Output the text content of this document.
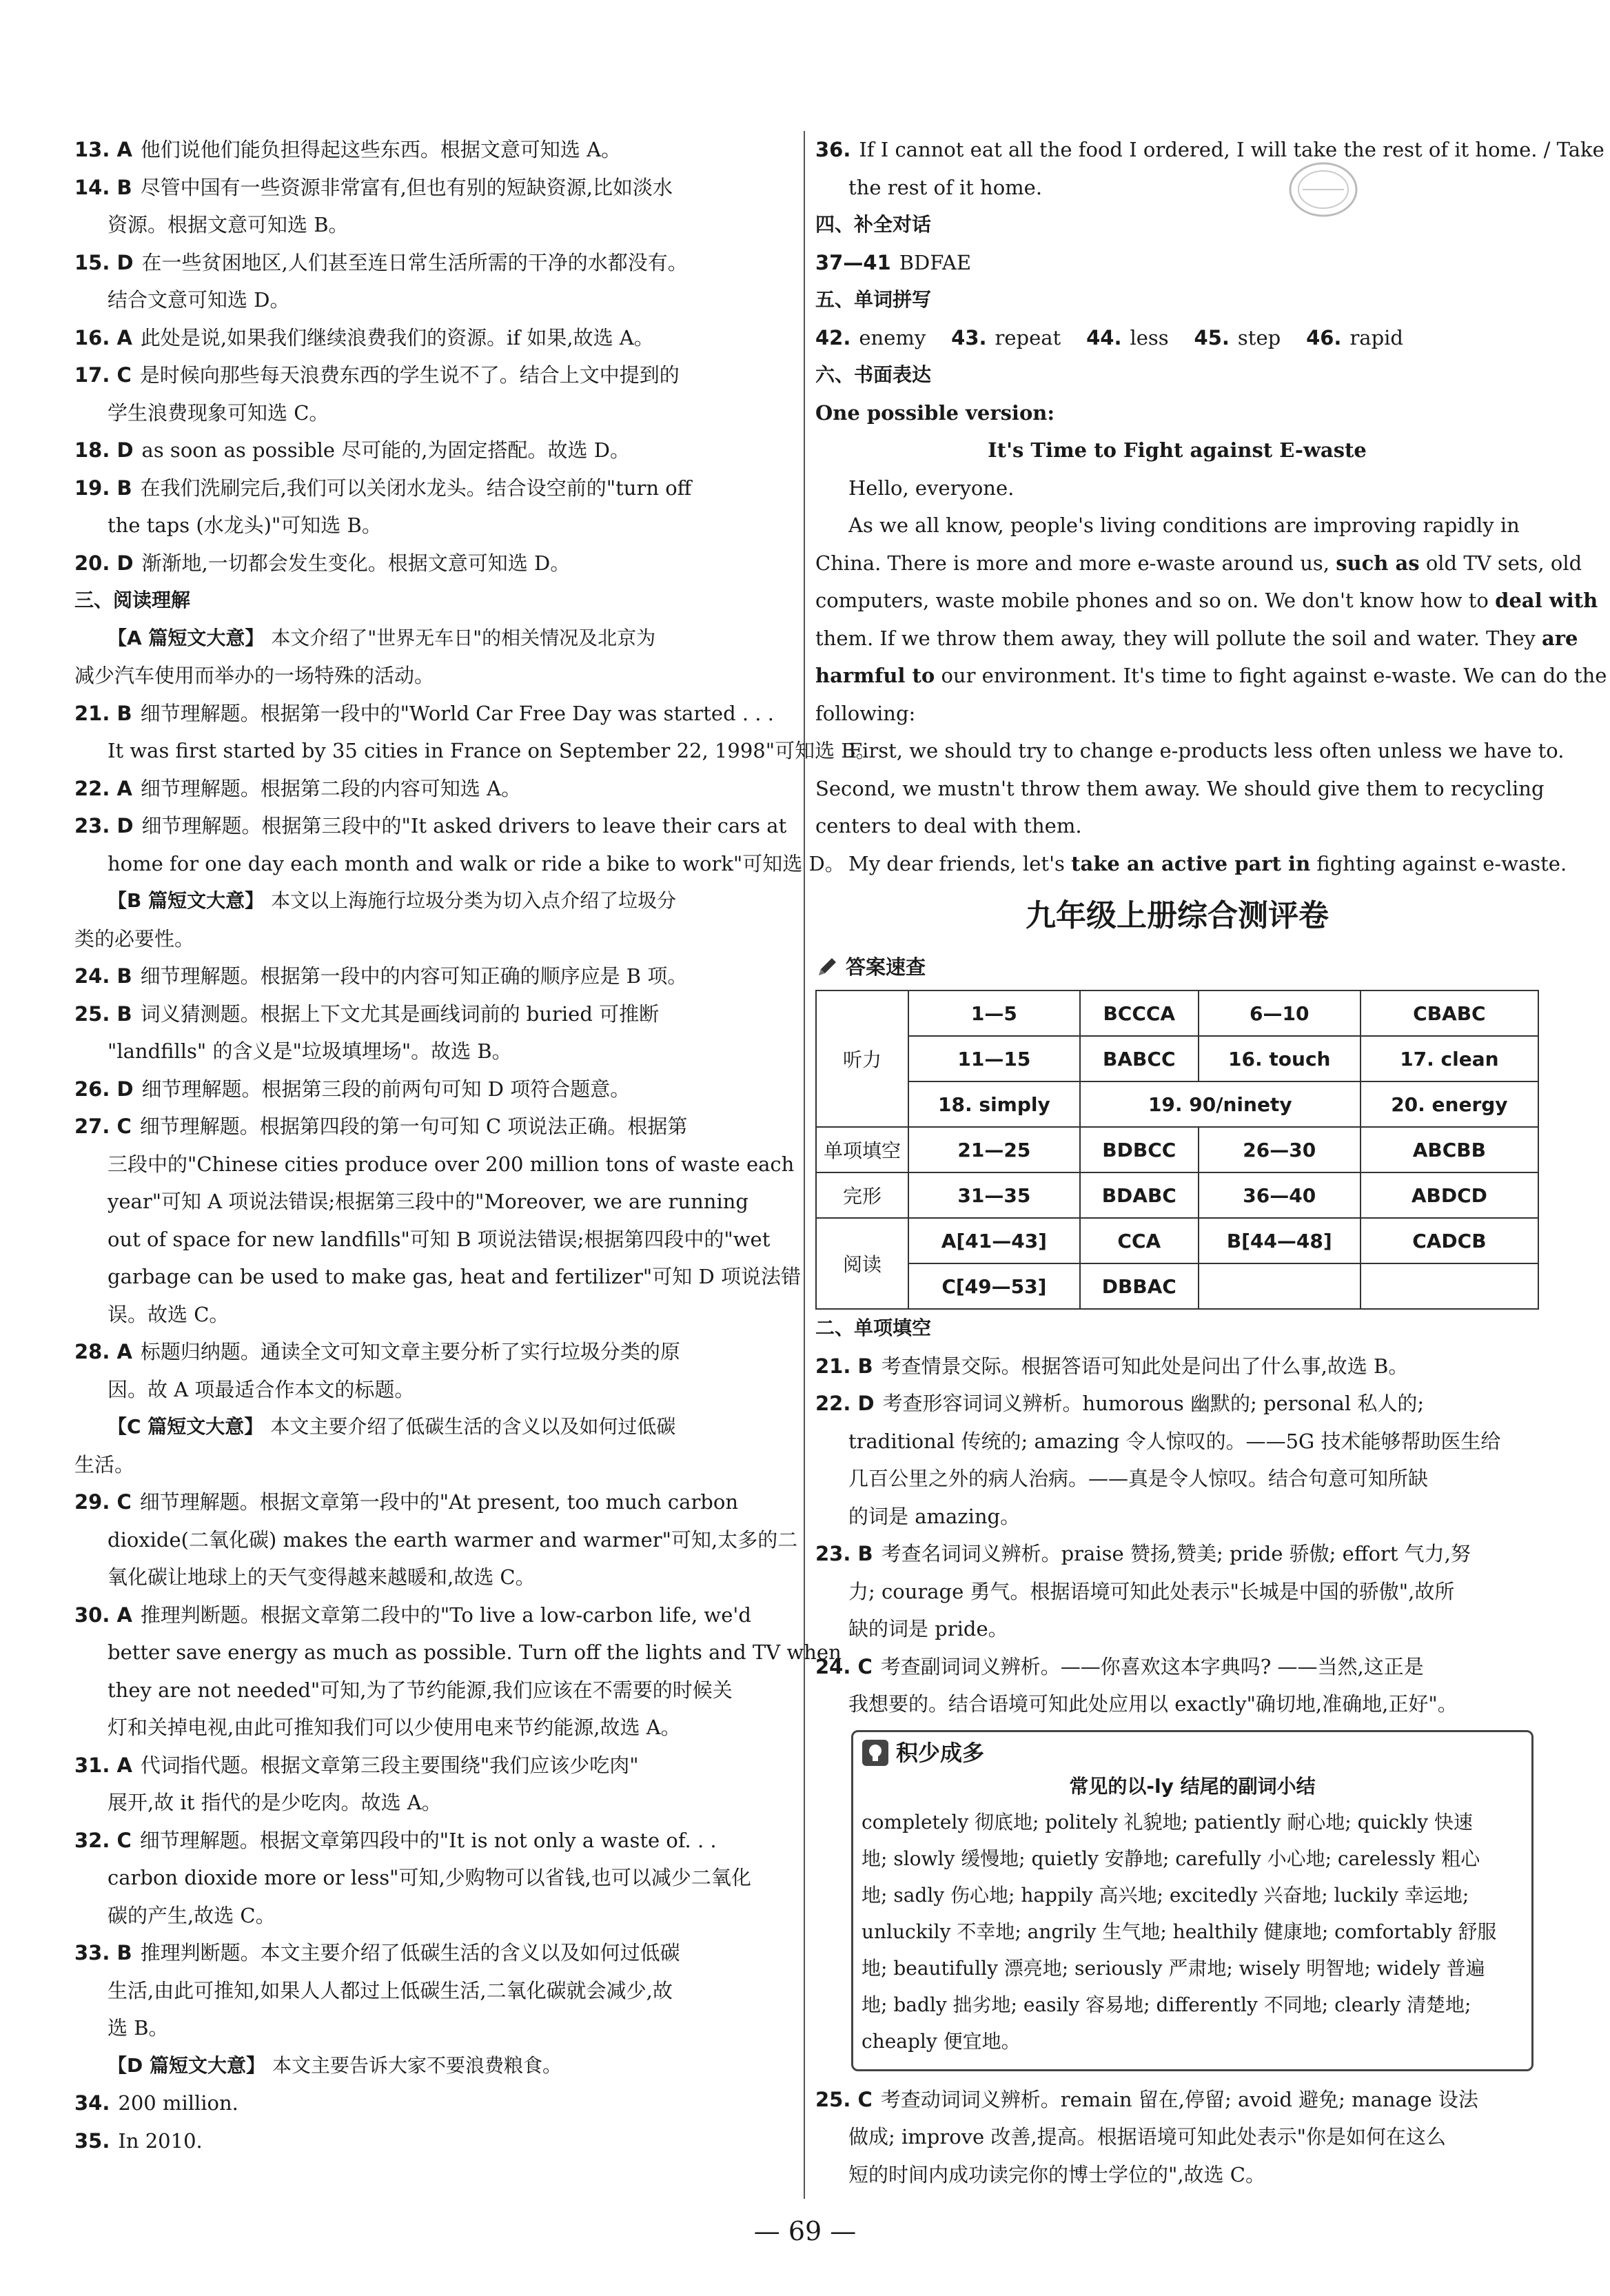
13. A 他们说他们能负担得起这些东西。根据文意可知选 A。
14. B 尽管中国有一些资源非常富有,但也有别的短缺资源,比如淡水
资源。根据文意可知选 B。
15. D 在一些贫困地区,人们甚至连日常生活所需的干净的水都没有。
结合文意可知选 D。
16. A 此处是说,如果我们继续浪费我们的资源。if 如果,故选 A。
17. C 是时候向那些每天浪费东西的学生说不了。结合上文中提到的
学生浪费现象可知选 C。
18. D as soon as possible 尽可能的,为固定搭配。故选 D。
19. B 在我们洗刷完后,我们可以关闭水龙头。结合设空前的"turn off
the taps (水龙头)"可知选 B。
20. D 渐渐地,一切都会发生变化。根据文意可知选 D。
三、阅读理解
【A 篇短文大意】 本文介绍了"世界无车日"的相关情况及北京为
减少汽车使用而举办的一场特殊的活动。
21. B 细节理解题。根据第一段中的"World Car Free Day was started . . .
It was first started by 35 cities in France on September 22, 1998"可知选 B。
22. A 细节理解题。根据第二段的内容可知选 A。
23. D 细节理解题。根据第三段中的"It asked drivers to leave their cars at
home for one day each month and walk or ride a bike to work"可知选 D。
【B 篇短文大意】 本文以上海施行垃圾分类为切入点介绍了垃圾分
类的必要性。
24. B 细节理解题。根据第一段中的内容可知正确的顺序应是 B 项。
25. B 词义猜测题。根据上下文尤其是画线词前的 buried 可推断
"landfills" 的含义是"垃圾填埋场"。故选 B。
26. D 细节理解题。根据第三段的前两句可知 D 项符合题意。
27. C 细节理解题。根据第四段的第一句可知 C 项说法正确。根据第
三段中的"Chinese cities produce over 200 million tons of waste each
year"可知 A 项说法错误;根据第三段中的"Moreover, we are running
out of space for new landfills"可知 B 项说法错误;根据第四段中的"wet
garbage can be used to make gas, heat and fertilizer"可知 D 项说法错
误。故选 C。
28. A 标题归纳题。通读全文可知文章主要分析了实行垃圾分类的原
因。故 A 项最适合作本文的标题。
【C 篇短文大意】 本文主要介绍了低碳生活的含义以及如何过低碳
生活。
29. C 细节理解题。根据文章第一段中的"At present, too much carbon
dioxide(二氧化碳) makes the earth warmer and warmer"可知,太多的二
氧化碳让地球上的天气变得越来越暖和,故选 C。
30. A 推理判断题。根据文章第二段中的"To live a low-carbon life, we'd
better save energy as much as possible. Turn off the lights and TV when
they are not needed"可知,为了节约能源,我们应该在不需要的时候关
灯和关掉电视,由此可推知我们可以少使用电来节约能源,故选 A。
31. A 代词指代题。根据文章第三段主要围绕"我们应该少吃肉"
展开,故 it 指代的是少吃肉。故选 A。
32. C 细节理解题。根据文章第四段中的"It is not only a waste of. . .
carbon dioxide more or less"可知,少购物可以省钱,也可以减少二氧化
碳的产生,故选 C。
33. B 推理判断题。本文主要介绍了低碳生活的含义以及如何过低碳
生活,由此可推知,如果人人都过上低碳生活,二氧化碳就会减少,故
选 B。
【D 篇短文大意】 本文主要告诉大家不要浪费粮食。
34. 200 million.
35. In 2010.
36. If I cannot eat all the food I ordered, I will take the rest of it home. / Take
the rest of it home.
四、补全对话
37—41 BDFAE
五、单词拼写
42. enemy 43. repeat 44. less 45. step 46. rapid
六、书面表达
One possible version:
It's Time to Fight against E-waste
Hello, everyone.
As we all know, people's living conditions are improving rapidly in
China. There is more and more e-waste around us, such as old TV sets, old
computers, waste mobile phones and so on. We don't know how to deal with
them. If we throw them away, they will pollute the soil and water. They are
harmful to our environment. It's time to fight against e-waste. We can do the
following:
First, we should try to change e-products less often unless we have to.
Second, we mustn't throw them away. We should give them to recycling
centers to deal with them.
My dear friends, let's take an active part in fighting against e-waste.
九年级上册综合测评卷
答案速查
听力	1—5	BCCCA	6—10	CBABC
	11—15	BABCC	16. touch	17. clean
	18. simply	19. 90/ninety		20. energy
单项填空	21—25	BDBCC	26—30	ABCBB
完形	31—35	BDABC	36—40	ABDCD
阅读	A[41—43]	CCA	B[44—48]	CADCB
	C[49—53]	DBBAC		
二、单项填空
21. B 考查情景交际。根据答语可知此处是问出了什么事,故选 B。
22. D 考查形容词词义辨析。humorous 幽默的; personal 私人的;
traditional 传统的; amazing 令人惊叹的。——5G 技术能够帮助医生给
几百公里之外的病人治病。——真是令人惊叹。结合句意可知所缺
的词是 amazing。
23. B 考查名词词义辨析。praise 赞扬,赞美; pride 骄傲; effort 气力,努
力; courage 勇气。根据语境可知此处表示"长城是中国的骄傲",故所
缺的词是 pride。
24. C 考查副词词义辨析。——你喜欢这本字典吗? ——当然,这正是
我想要的。结合语境可知此处应用以 exactly"确切地,准确地,正好"。
积少成多
常见的以-ly 结尾的副词小结
completely 彻底地; politely 礼貌地; patiently 耐心地; quickly 快速
地; slowly 缓慢地; quietly 安静地; carefully 小心地; carelessly 粗心
地; sadly 伤心地; happily 高兴地; excitedly 兴奋地; luckily 幸运地;
unluckily 不幸地; angrily 生气地; healthily 健康地; comfortably 舒服
地; beautifully 漂亮地; seriously 严肃地; wisely 明智地; widely 普遍
地; badly 拙劣地; easily 容易地; differently 不同地; clearly 清楚地;
cheaply 便宜地。
25. C 考查动词词义辨析。remain 留在,停留; avoid 避免; manage 设法
做成; improve 改善,提高。根据语境可知此处表示"你是如何在这么
短的时间内成功读完你的博士学位的",故选 C。
— 69 —
